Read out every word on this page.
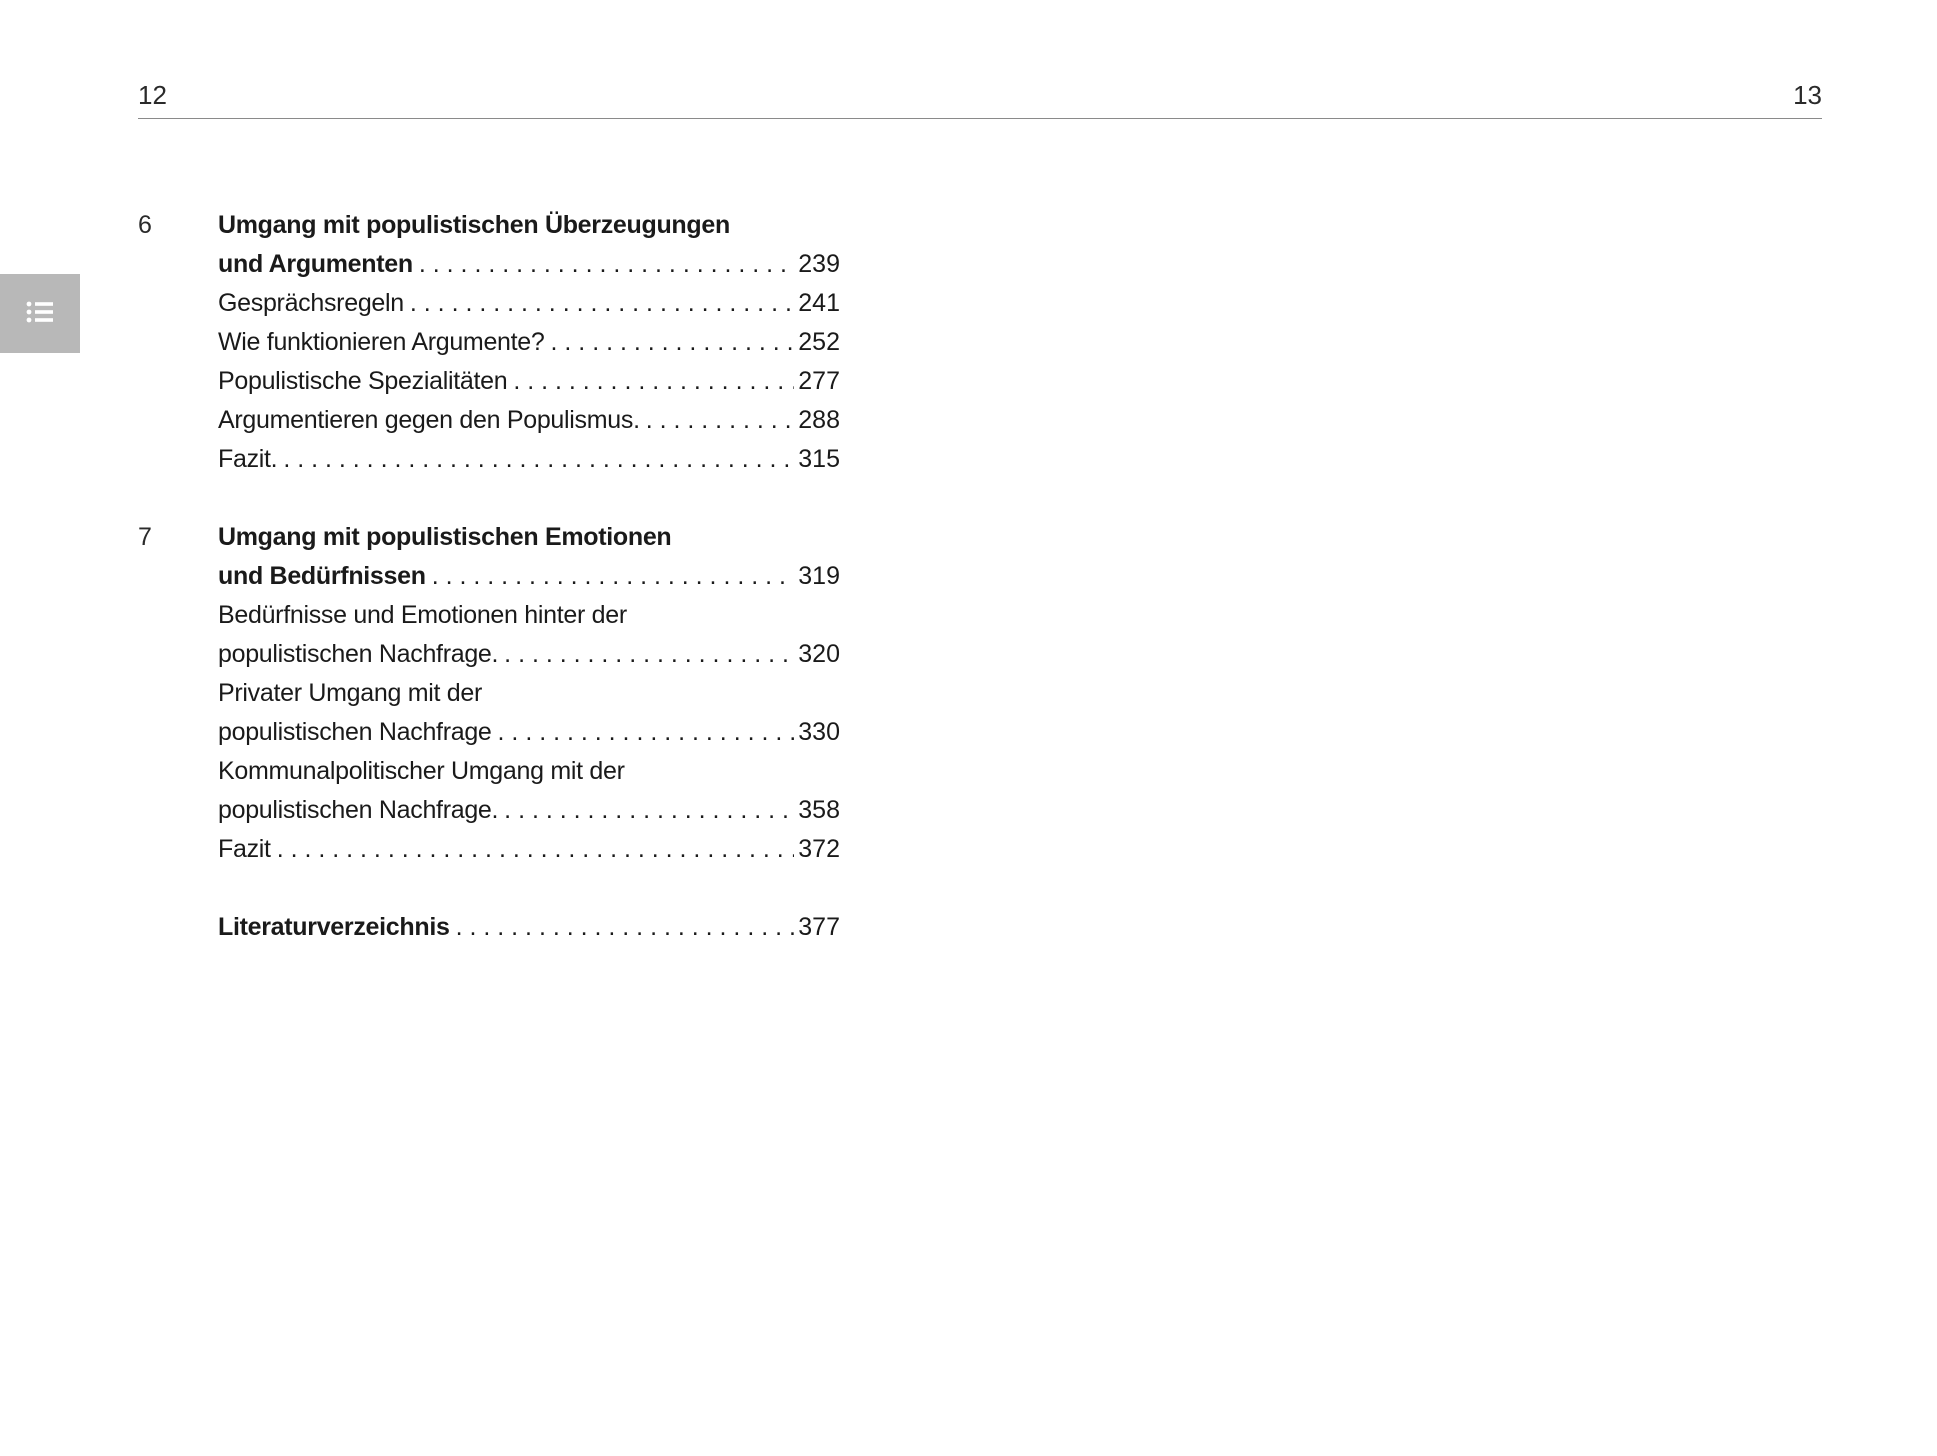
12	13
6	Umgang mit populistischen Überzeugungen
und Argumenten . . .	239
Gesprächsregeln . . .	241
Wie funktionieren Argumente? . . .	252
Populistische Spezialitäten . . .	277
Argumentieren gegen den Populismus. . . .	288
Fazit. . . .	315
7	Umgang mit populistischen Emotionen
und Bedürfnissen . . .	319
Bedürfnisse und Emotionen hinter der
populistischen Nachfrage. . . .	320
Privater Umgang mit der
populistischen Nachfrage . . .	330
Kommunalpolitischer Umgang mit der
populistischen Nachfrage. . . .	358
Fazit . . .	372
Literaturverzeichnis . . .	377
